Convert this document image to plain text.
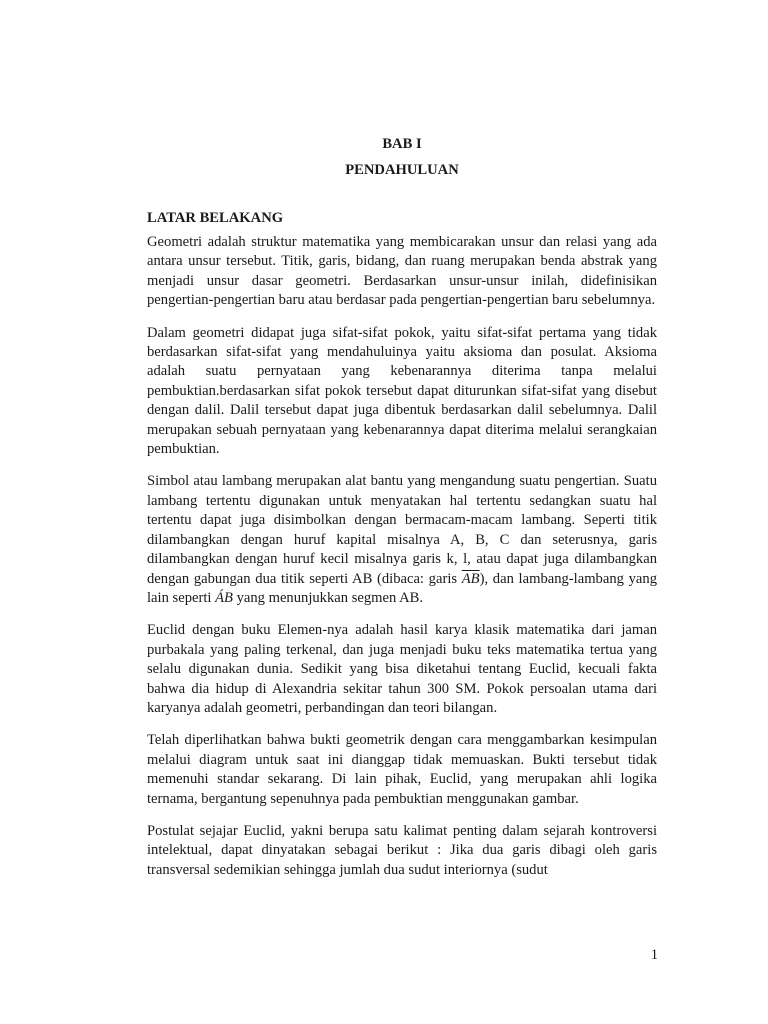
BAB I

PENDAHULUAN

LATAR BELAKANG

Geometri adalah struktur matematika yang membicarakan unsur dan relasi yang ada antara unsur tersebut. Titik, garis, bidang, dan ruang merupakan benda abstrak yang menjadi unsur dasar geometri. Berdasarkan unsur-unsur inilah, didefinisikan pengertian-pengertian baru atau berdasar pada pengertian-pengertian baru sebelumnya.

Dalam geometri didapat juga sifat-sifat pokok, yaitu sifat-sifat pertama yang tidak berdasarkan sifat-sifat yang mendahuluinya yaitu aksioma dan posulat. Aksioma adalah suatu pernyataan yang kebenarannya diterima tanpa melalui pembuktian.berdasarkan sifat pokok tersebut dapat diturunkan sifat-sifat yang disebut dengan dalil. Dalil tersebut dapat juga dibentuk berdasarkan dalil sebelumnya. Dalil merupakan sebuah pernyataan yang kebenarannya dapat diterima melalui serangkaian pembuktian.

Simbol atau lambang merupakan alat bantu yang mengandung suatu pengertian. Suatu lambang tertentu digunakan untuk menyatakan hal tertentu sedangkan suatu hal tertentu dapat juga disimbolkan dengan bermacam-macam lambang. Seperti titik dilambangkan dengan huruf kapital misalnya A, B, C dan seterusnya, garis dilambangkan dengan huruf kecil misalnya garis k, l, atau dapat juga dilambangkan dengan gabungan dua titik seperti AB (dibaca: garis $\overline{AB}$), dan lambang-lambang yang lain seperti ÁB yang menunjukkan segmen AB.

Euclid dengan buku Elemen-nya adalah hasil karya klasik matematika dari jaman purbakala yang paling terkenal, dan juga menjadi buku teks matematika tertua yang selalu digunakan dunia. Sedikit yang bisa diketahui tentang Euclid, kecuali fakta bahwa dia hidup di Alexandria sekitar tahun 300 SM. Pokok persoalan utama dari karyanya adalah geometri, perbandingan dan teori bilangan.

Telah diperlihatkan bahwa bukti geometrik dengan cara menggambarkan kesimpulan melalui diagram untuk saat ini dianggap tidak memuaskan. Bukti tersebut tidak memenuhi standar sekarang. Di lain pihak, Euclid, yang merupakan ahli logika ternama, bergantung sepenuhnya pada pembuktian menggunakan gambar.

Postulat sejajar Euclid, yakni berupa satu kalimat penting dalam sejarah kontroversi intelektual, dapat dinyatakan sebagai berikut : Jika dua garis dibagi oleh garis transversal sedemikian sehingga jumlah dua sudut interiornya (sudut

1
